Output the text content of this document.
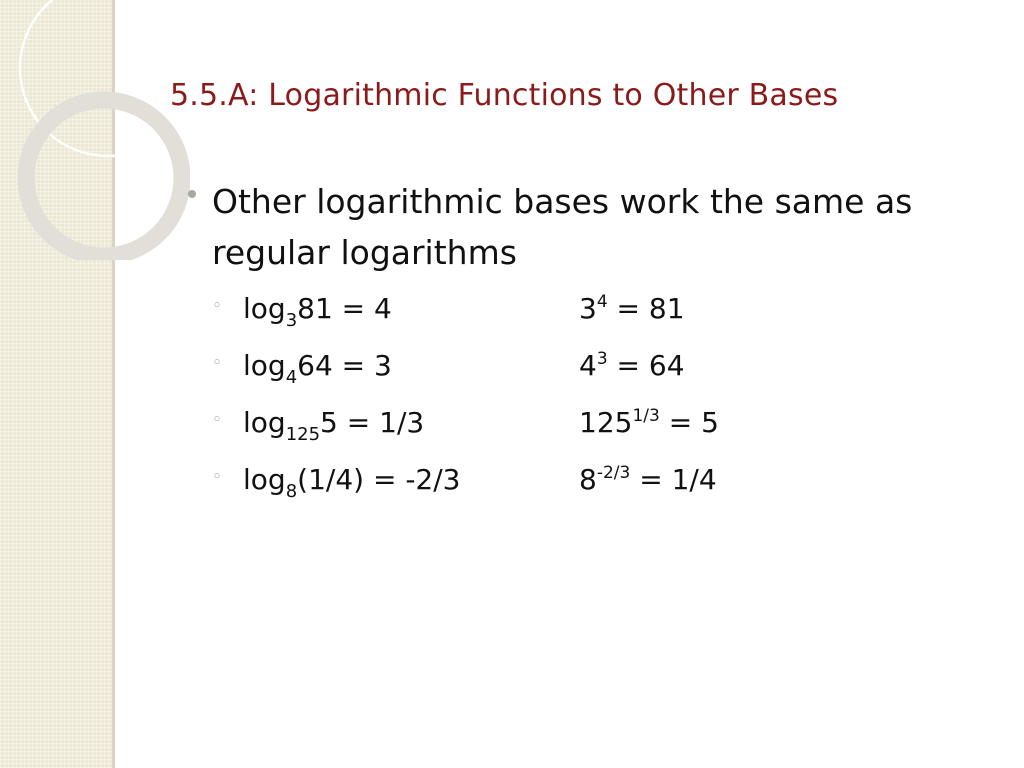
5.5.A: Logarithmic Functions to Other Bases

Other logarithmic bases work the same as regular logarithms

◦ $\log_381 = 4$	$3^4 = 81$
◦ $\log_464 = 3$	$4^3 = 64$
◦ $\log_{125}5 = 1/3$	$125^{1/3} = 5$
◦ $\log_8(1/4) = -2/3$	$8^{-2/3} = 1/4$
